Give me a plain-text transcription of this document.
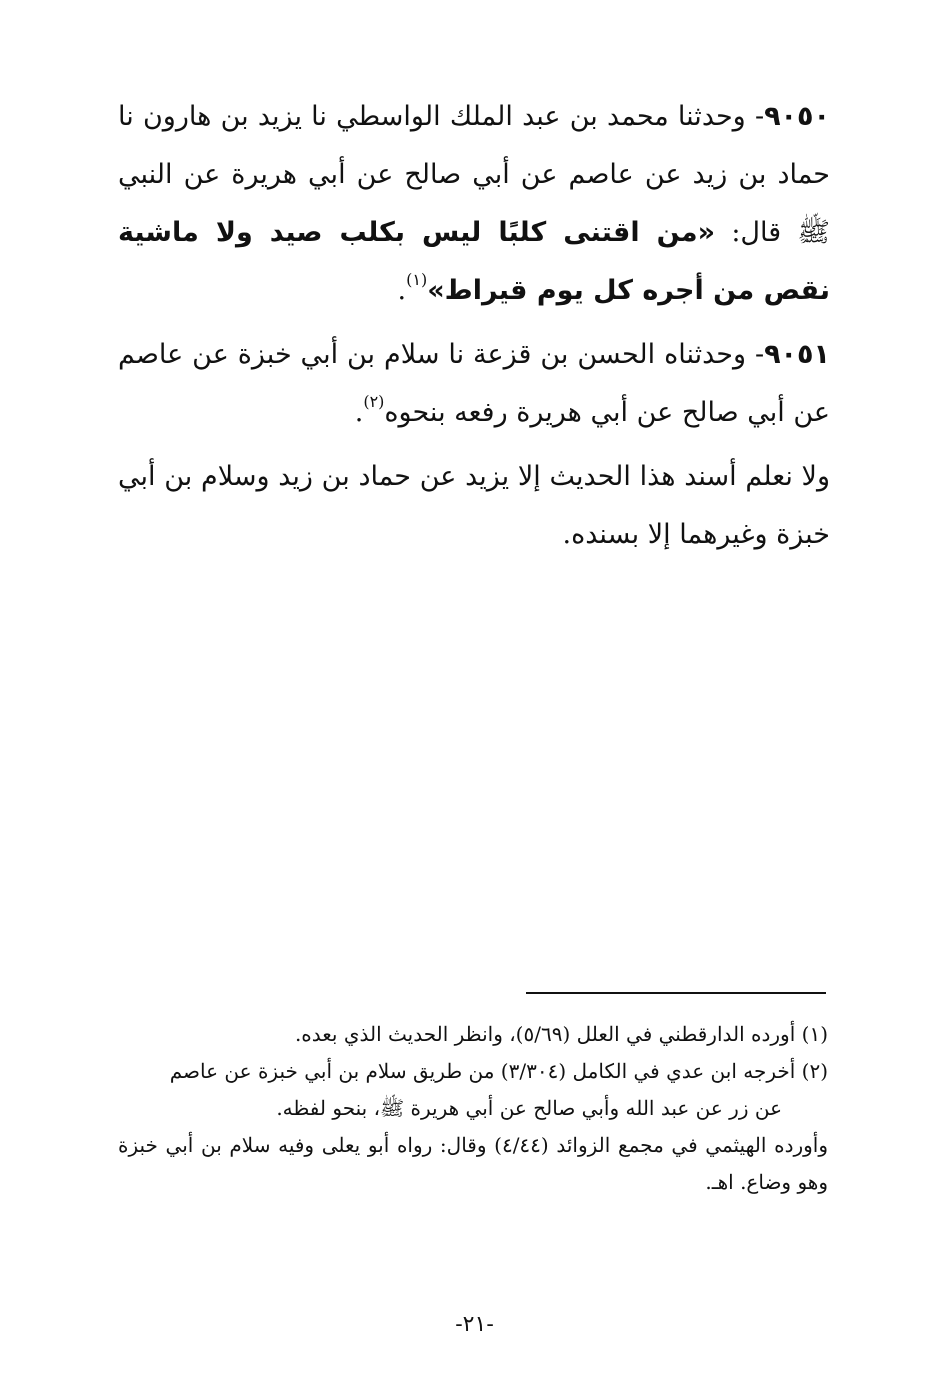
٩٠٥٠- وحدثنا محمد بن عبد الملك الواسطي نا يزيد بن هارون نا حماد بن زيد عن عاصم عن أبي صالح عن أبي هريرة عن النبي ﷺ قال: «من اقتنى كلبًا ليس بكلب صيد ولا ماشية نقص من أجره كل يوم قيراط»$^{(١)}$.
٩٠٥١- وحدثناه الحسن بن قزعة نا سلام بن أبي خبزة عن عاصم عن أبي صالح عن أبي هريرة رفعه بنحوه$^{(٢)}$.
ولا نعلم أسند هذا الحديث إلا يزيد عن حماد بن زيد وسلام بن أبي خبزة وغيرهما إلا بسنده.
(١) أورده الدارقطني في العلل (٥/٦٩)، وانظر الحديث الذي بعده.
(٢) أخرجه ابن عدي في الكامل (٣/٣٠٤) من طريق سلام بن أبي خبزة عن عاصم
عن زر عن عبد الله وأبي صالح عن أبي هريرة ﷺ، بنحو لفظه.
وأورده الهيثمي في مجمع الزوائد (٤/٤٤) وقال: رواه أبو يعلى وفيه سلام بن أبي خبزة وهو وضاع. اهـ.
-٢١-
